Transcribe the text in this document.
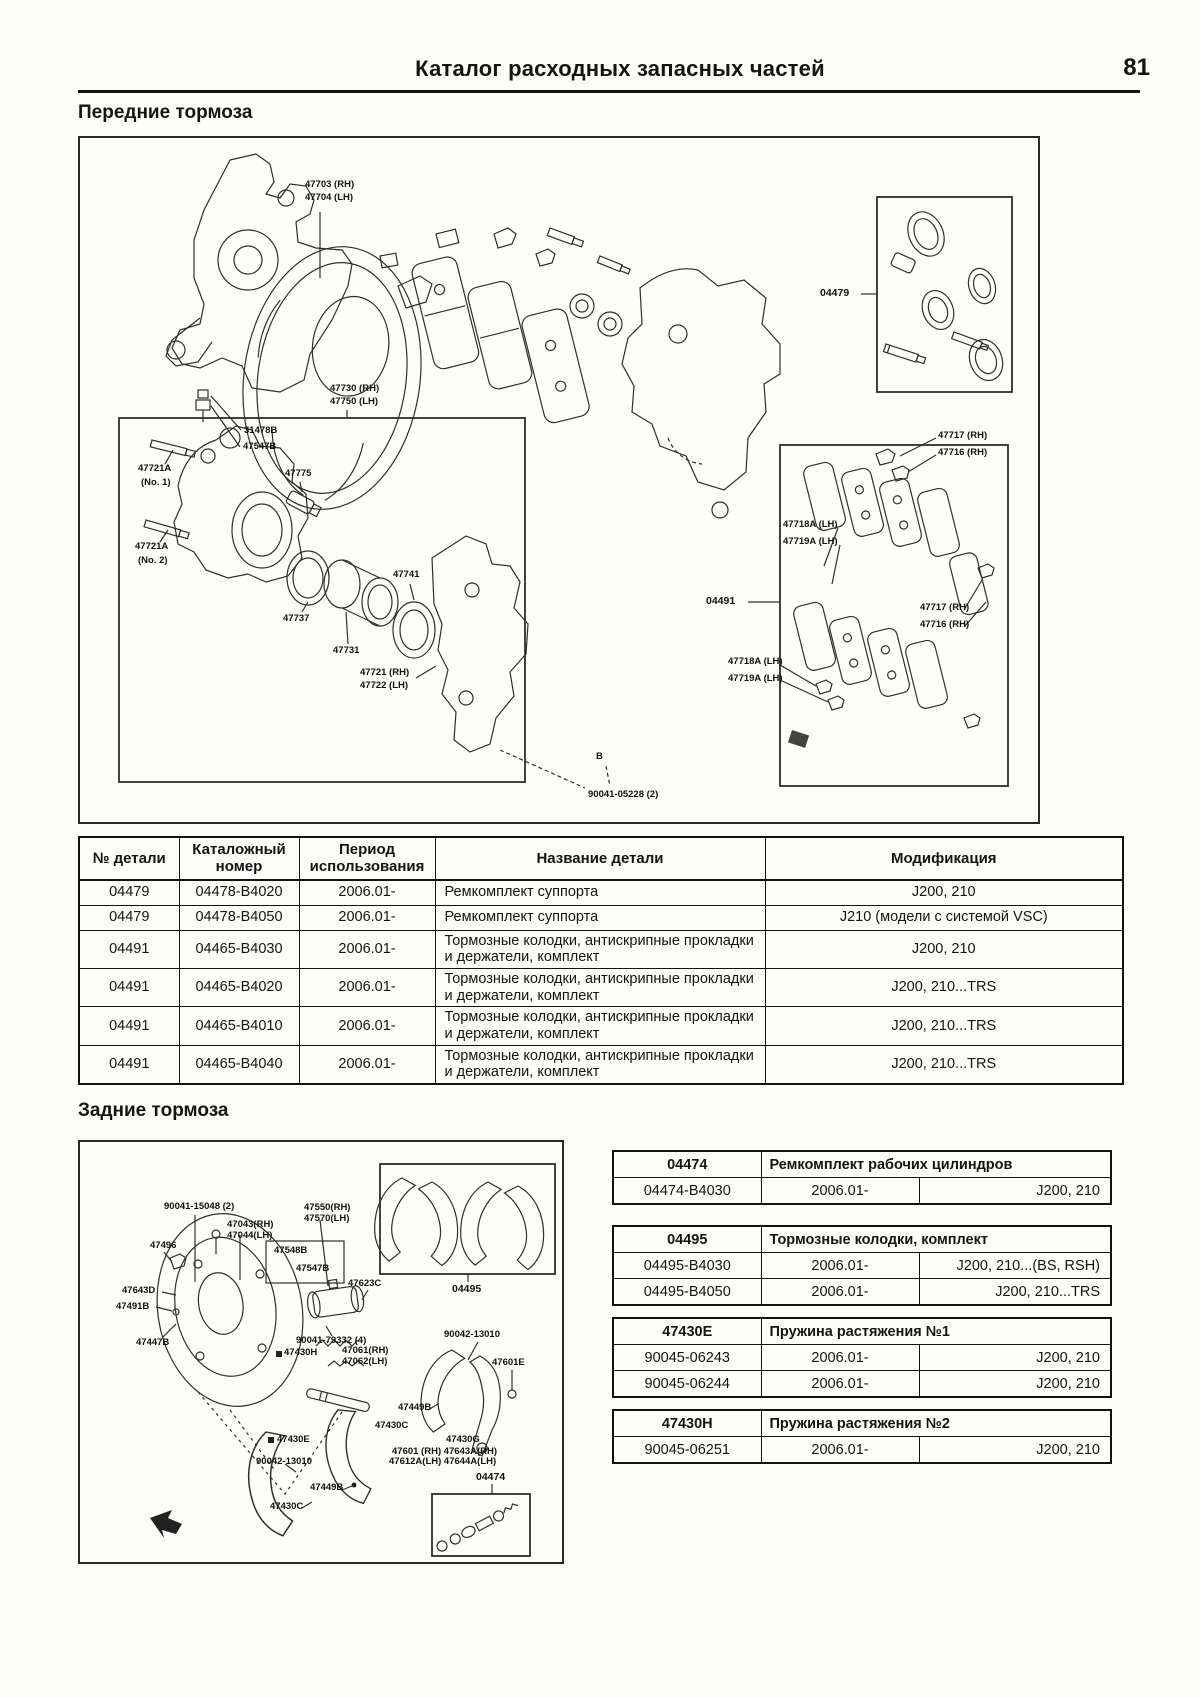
Каталог расходных запасных частей	81
Передние тормоза
47703 (RH)
47704 (LH)
47730 (RH)
47750 (LH)
31478B
47547B
47721A
(No. 1)
47775
47721A
(No. 2)
47741
47737
47731
47721 (RH)
47722 (LH)
90041-05228 (2)
B
04479
04491
47717 (RH)
47716 (RH)
47718A (LH)
47719A (LH)
47717 (RH)
47716 (RH)
47718A (LH)
47719A (LH)
№ детали	Каталожный номер	Период использования	Название детали	Модификация
04479	04478-B4020	2006.01-	Ремкомплект суппорта	J200, 210
04479	04478-B4050	2006.01-	Ремкомплект суппорта	J210 (модели с системой VSC)
04491	04465-B4030	2006.01-	Тормозные колодки, антискрипные прокладки и держатели, комплект	J200, 210
04491	04465-B4020	2006.01-	Тормозные колодки, антискрипные прокладки и держатели, комплект	J200, 210...TRS
04491	04465-B4010	2006.01-	Тормозные колодки, антискрипные прокладки и держатели, комплект	J200, 210...TRS
04491	04465-B4040	2006.01-	Тормозные колодки, антискрипные прокладки и держатели, комплект	J200, 210...TRS
Задние тормоза
90041-15048 (2)
47043(RH)
47044(LH)
47496
47550(RH)
47570(LH)
47548B
47547B
47623C
47643D
47491B
47447B	90041-79332 (4)
47430H	47061(RH)
47062(LH)
04495
90042-13010
47601E
47449B
47430C
47430G
47601 (RH) 47643A(RH)
47612A(LH) 47644A(LH)
04474
47430E
90042-13010
47449B
47430C
04474	Ремкомплект рабочих цилиндров	
04474-B4030	2006.01-	J200, 210
04495	Тормозные колодки, комплект	
04495-B4030	2006.01-	J200, 210...(BS, RSH)
04495-B4050	2006.01-	J200, 210...TRS
47430E	Пружина растяжения №1	
90045-06243	2006.01-	J200, 210
90045-06244	2006.01-	J200, 210
47430H	Пружина растяжения №2	
90045-06251	2006.01-	J200, 210
